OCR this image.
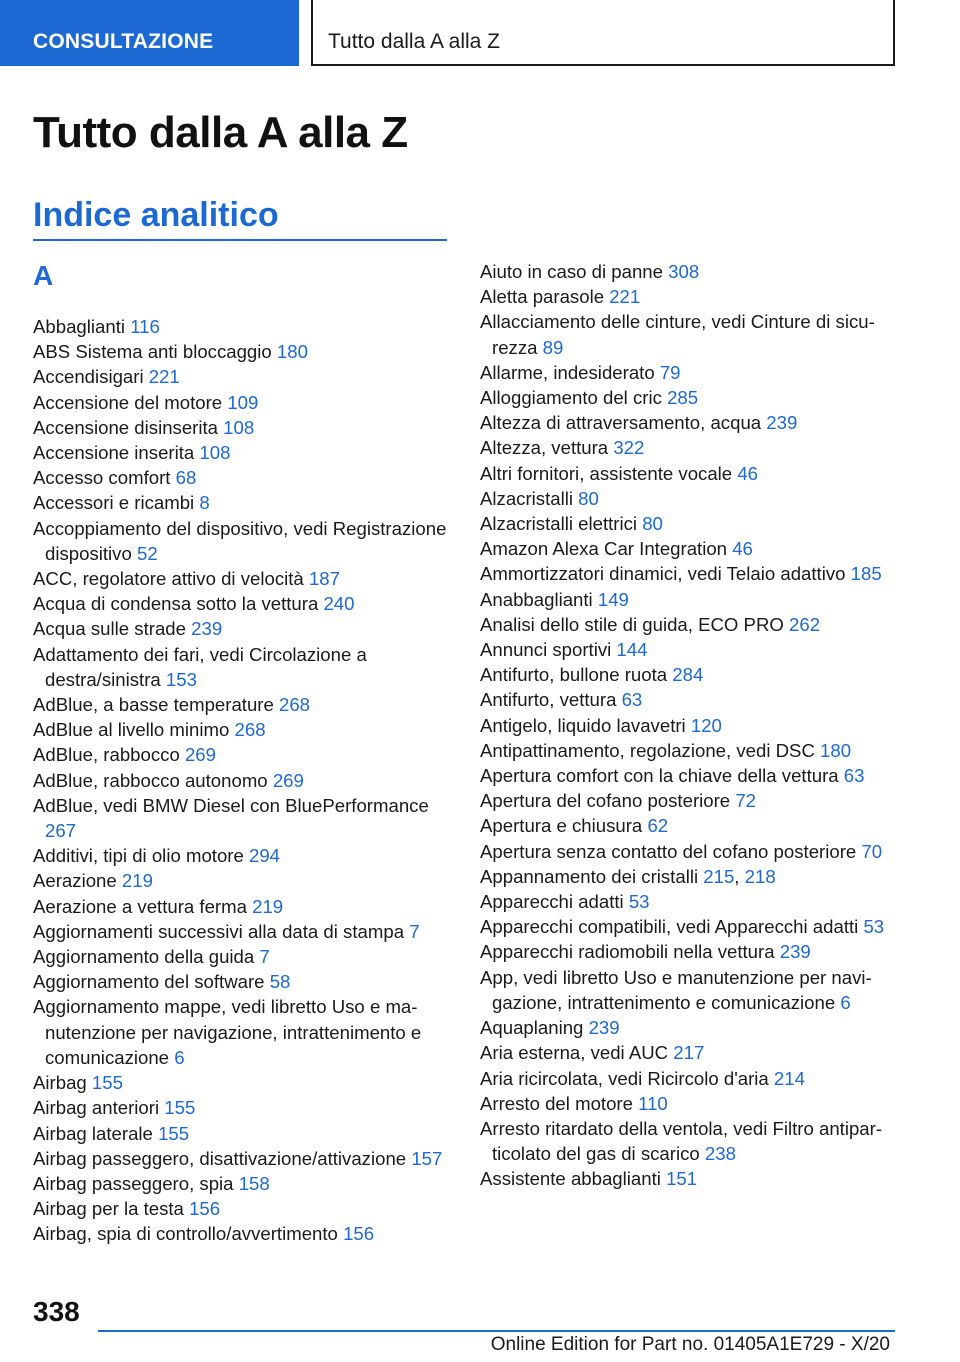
CONSULTAZIONE	Tutto dalla A alla Z
Tutto dalla A alla Z
Indice analitico
A
Abbaglianti 116
ABS Sistema anti bloccaggio 180
Accendisigari 221
Accensione del motore 109
Accensione disinserita 108
Accensione inserita 108
Accesso comfort 68
Accessori e ricambi 8
Accoppiamento del dispositivo, vedi Registrazione dispositivo 52
ACC, regolatore attivo di velocità 187
Acqua di condensa sotto la vettura 240
Acqua sulle strade 239
Adattamento dei fari, vedi Circolazione a destra/sinistra 153
AdBlue, a basse temperature 268
AdBlue al livello minimo 268
AdBlue, rabbocco 269
AdBlue, rabbocco autonomo 269
AdBlue, vedi BMW Diesel con BluePerformance 267
Additivi, tipi di olio motore 294
Aerazione 219
Aerazione a vettura ferma 219
Aggiornamenti successivi alla data di stampa 7
Aggiornamento della guida 7
Aggiornamento del software 58
Aggiornamento mappe, vedi libretto Uso e manutenzione per navigazione, intrattenimento e comunicazione 6
Airbag 155
Airbag anteriori 155
Airbag laterale 155
Airbag passeggero, disattivazione/attivazione 157
Airbag passeggero, spia 158
Airbag per la testa 156
Airbag, spia di controllo/avvertimento 156
Aiuto in caso di panne 308
Aletta parasole 221
Allacciamento delle cinture, vedi Cinture di sicurezza 89
Allarme, indesiderato 79
Alloggiamento del cric 285
Altezza di attraversamento, acqua 239
Altezza, vettura 322
Altri fornitori, assistente vocale 46
Alzacristalli 80
Alzacristalli elettrici 80
Amazon Alexa Car Integration 46
Ammortizzatori dinamici, vedi Telaio adattivo 185
Anabbaglianti 149
Analisi dello stile di guida, ECO PRO 262
Annunci sportivi 144
Antifurto, bullone ruota 284
Antifurto, vettura 63
Antigelo, liquido lavavetri 120
Antipattinamento, regolazione, vedi DSC 180
Apertura comfort con la chiave della vettura 63
Apertura del cofano posteriore 72
Apertura e chiusura 62
Apertura senza contatto del cofano posteriore 70
Appannamento dei cristalli 215, 218
Apparecchi adatti 53
Apparecchi compatibili, vedi Apparecchi adatti 53
Apparecchi radiomobili nella vettura 239
App, vedi libretto Uso e manutenzione per navigazione, intrattenimento e comunicazione 6
Aquaplaning 239
Aria esterna, vedi AUC 217
Aria ricircolata, vedi Ricircolo d'aria 214
Arresto del motore 110
Arresto ritardato della ventola, vedi Filtro antiparticolato del gas di scarico 238
Assistente abbaglianti 151
338
Online Edition for Part no. 01405A1E729 - X/20
